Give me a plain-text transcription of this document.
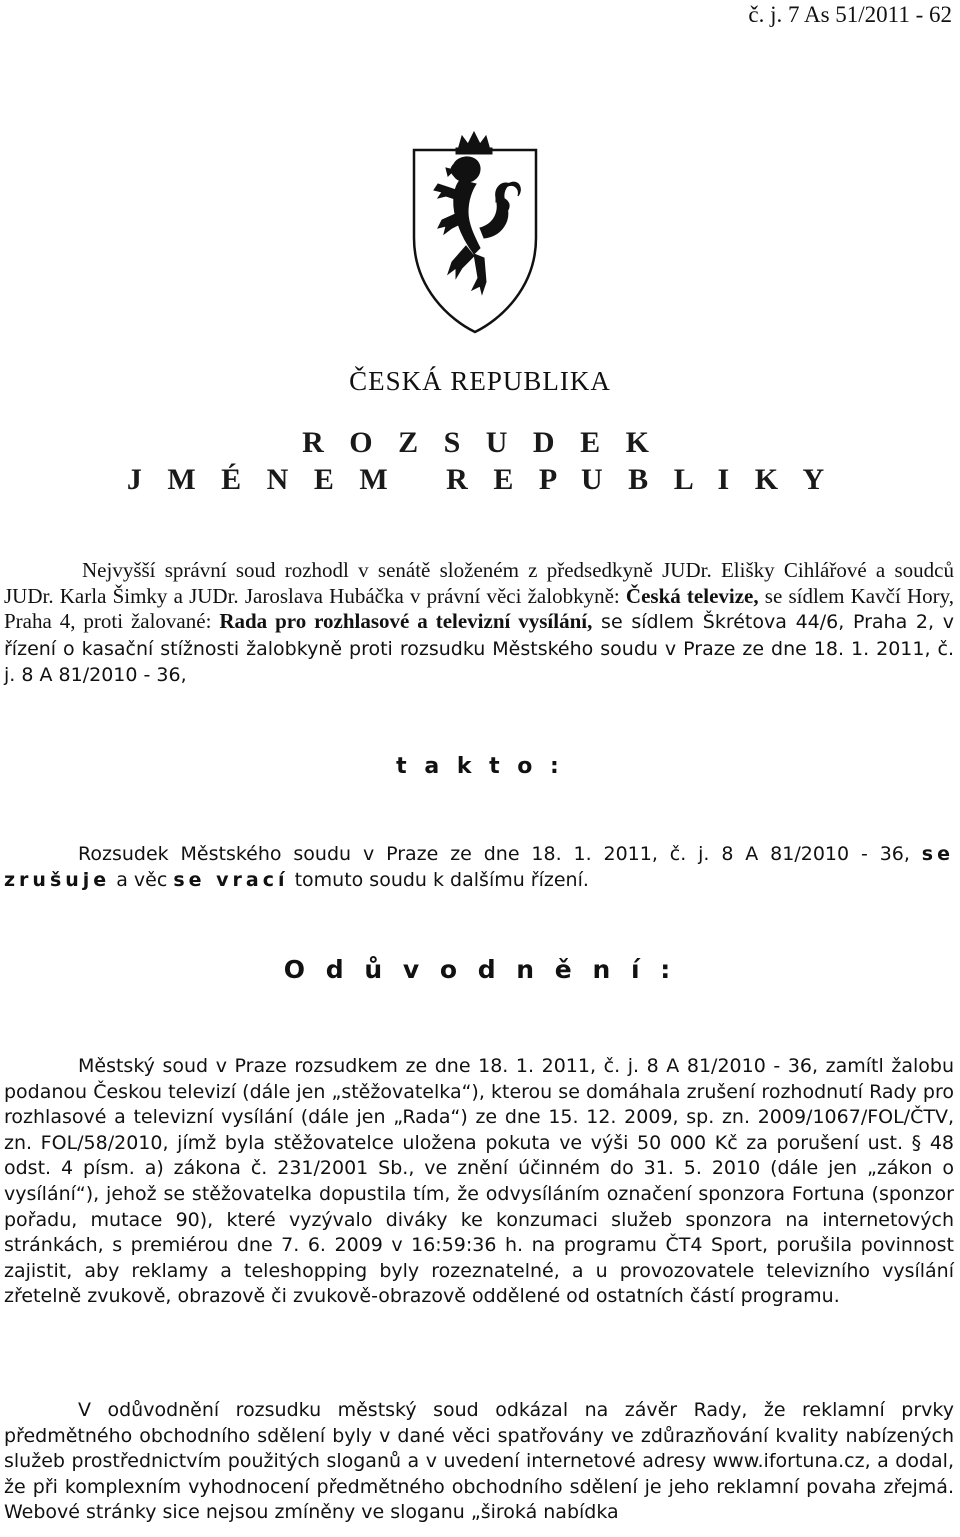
č. j. 7 As 51/2011 - 62
ČESKÁ REPUBLIKA
R O Z S U D E K
J M É N E M   R E P U B L I K Y

Nejvyšší správní soud rozhodl v senátě složeném z předsedkyně JUDr. Elišky Cihlářové a soudců JUDr. Karla Šimky a JUDr. Jaroslava Hubáčka v právní věci žalobkyně: Česká televize, se sídlem Kavčí Hory, Praha 4, proti žalované: Rada pro rozhlasové a televizní vysílání, se sídlem Škrétova 44/6, Praha 2, v řízení o kasační stížnosti žalobkyně proti rozsudku Městského soudu v Praze ze dne 18. 1. 2011, č. j. 8 A 81/2010 - 36,

t a k t o :

Rozsudek Městského soudu v Praze ze dne 18. 1. 2011, č. j. 8 A 81/2010 - 36, se zrušuje a věc se vrací tomuto soudu k dalšímu řízení.

O d ů v o d n ě n í :

Městský soud v Praze rozsudkem ze dne 18. 1. 2011, č. j. 8 A 81/2010 - 36, zamítl žalobu podanou Českou televizí (dále jen „stěžovatelka“), kterou se domáhala zrušení rozhodnutí Rady pro rozhlasové a televizní vysílání (dále jen „Rada“) ze dne 15. 12. 2009, sp. zn. 2009/1067/FOL/ČTV, zn. FOL/58/2010, jímž byla stěžovatelce uložena pokuta ve výši 50 000 Kč za porušení ust. § 48 odst. 4 písm. a) zákona č. 231/2001 Sb., ve znění účinném do 31. 5. 2010 (dále jen „zákon o vysílání“), jehož se stěžovatelka dopustila tím, že odvysíláním označení sponzora Fortuna (sponzor pořadu, mutace 90), které vyzývalo diváky ke konzumaci služeb sponzora na internetových stránkách, s premiérou dne 7. 6. 2009 v 16:59:36 h. na programu ČT4 Sport, porušila povinnost zajistit, aby reklamy a teleshopping byly rozeznatelné, a u provozovatele televizního vysílání zřetelně zvukově, obrazově či zvukově-obrazově oddělené od ostatních částí programu.

V odůvodnění rozsudku městský soud odkázal na závěr Rady, že reklamní prvky předmětného obchodního sdělení byly v dané věci spatřovány ve zdůrazňování kvality nabízených služeb prostřednictvím použitých sloganů a v uvedení internetové adresy www.ifortuna.cz, a dodal, že při komplexním vyhodnocení předmětného obchodního sdělení je jeho reklamní povaha zřejmá. Webové stránky sice nejsou zmíněny ve sloganu „široká nabídka
